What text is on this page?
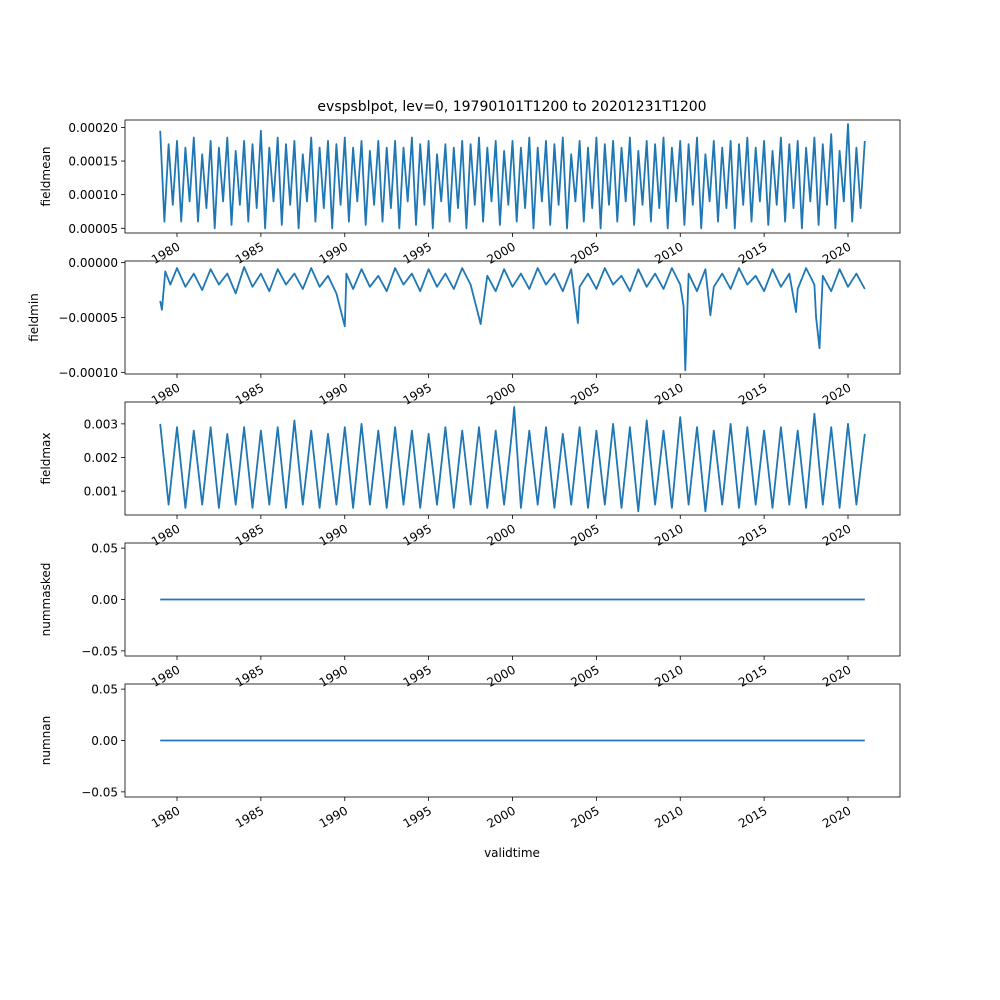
evspsblpot, lev=0, 19790101T1200 to 20201231T1200
0.00005
0.00010
0.00015
0.00020
fieldmean
1980	1985	1990	1995	2000	2005	2010	2015	2020
0.00000
−0.00005
−0.00010
fieldmin
1980	1985	1990	1995	2000	2005	2010	2015	2020
0.001
0.002
0.003
fieldmax
1980	1985	1990	1995	2000	2005	2010	2015	2020
0.05
0.00
−0.05
nummasked
1980	1985	1990	1995	2000	2005	2010	2015	2020
0.05
0.00
−0.05
numnan
1980	1985	1990	1995	2000	2005	2010	2015	2020
validtime
